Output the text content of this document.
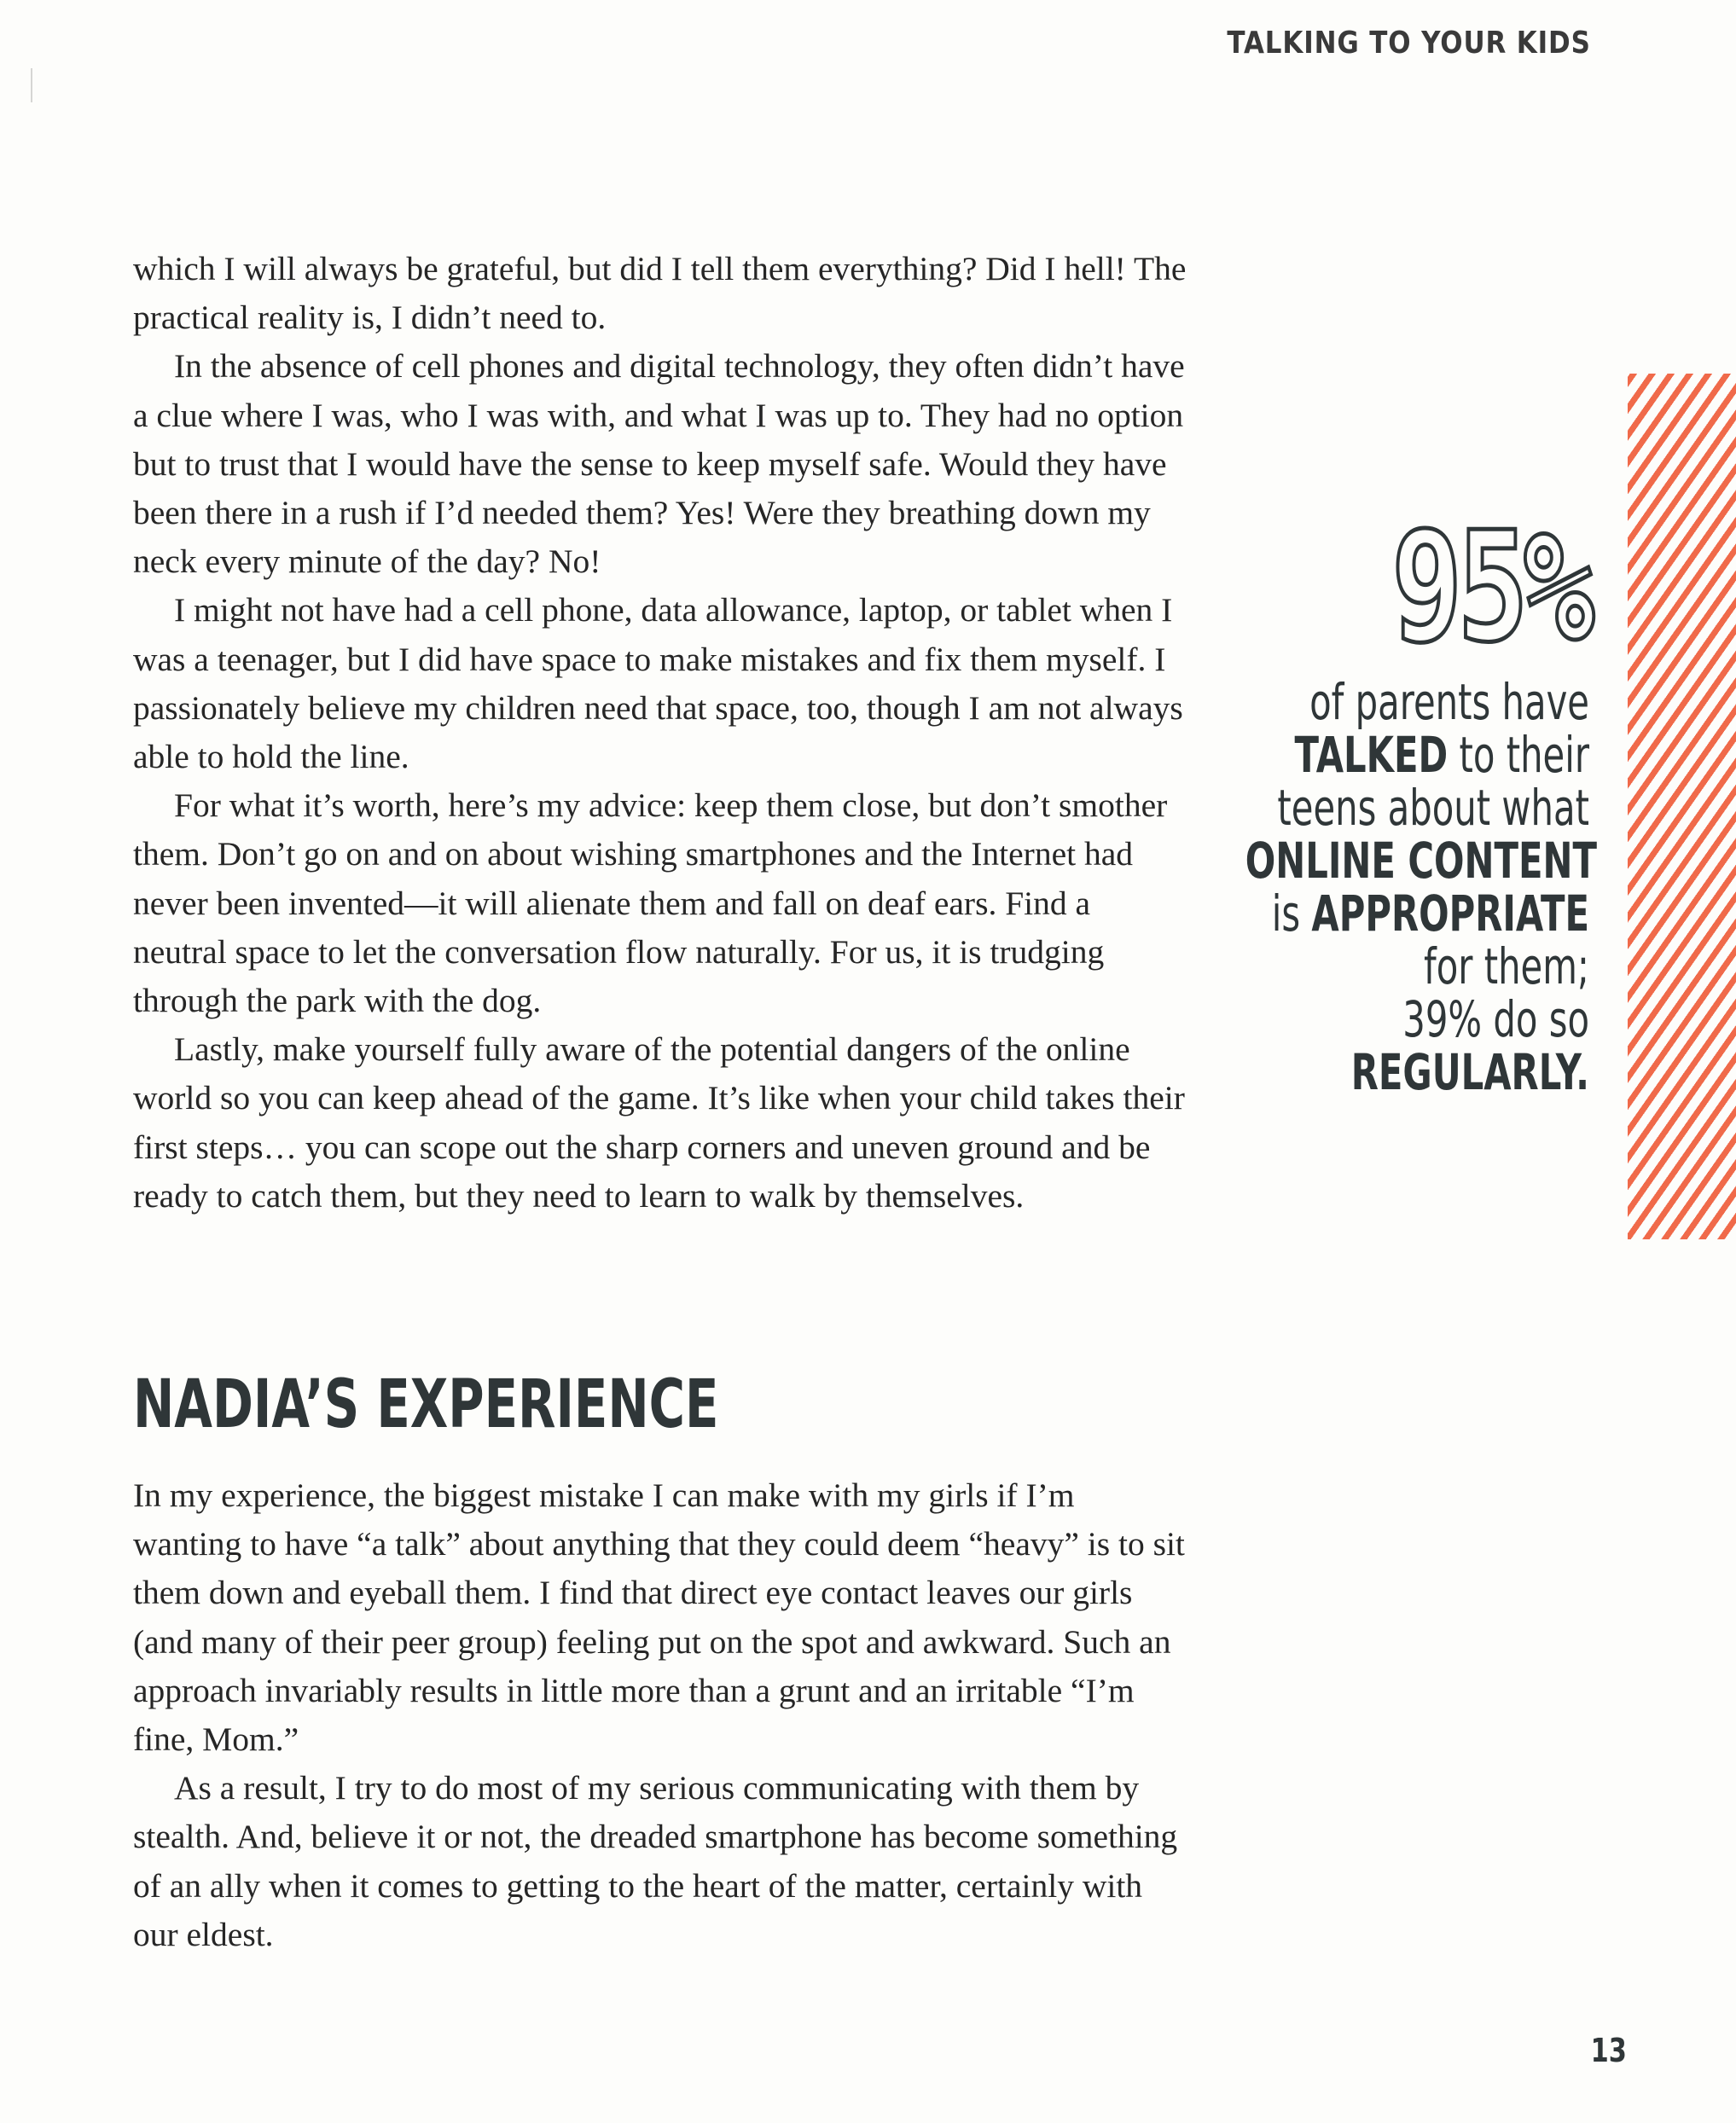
TALKING TO YOUR KIDS

which I will always be grateful, but did I tell them everything? Did I hell! The practical reality is, I didn’t need to.

In the absence of cell phones and digital technology, they often didn’t have a clue where I was, who I was with, and what I was up to. They had no option but to trust that I would have the sense to keep myself safe. Would they have been there in a rush if I’d needed them? Yes! Were they breathing down my neck every minute of the day? No!

I might not have had a cell phone, data allowance, laptop, or tablet when I was a teenager, but I did have space to make mistakes and fix them myself. I passionately believe my children need that space, too, though I am not always able to hold the line.

For what it’s worth, here’s my advice: keep them close, but don’t smother them. Don’t go on and on about wishing smartphones and the Internet had never been invented—it will alienate them and fall on deaf ears. Find a neutral space to let the conversation flow naturally. For us, it is trudging through the park with the dog.

Lastly, make yourself fully aware of the potential dangers of the online world so you can keep ahead of the game. It’s like when your child takes their first steps… you can scope out the sharp corners and uneven ground and be ready to catch them, but they need to learn to walk by themselves.

NADIA’S EXPERIENCE

In my experience, the biggest mistake I can make with my girls if I’m wanting to have “a talk” about anything that they could deem “heavy” is to sit them down and eyeball them. I find that direct eye contact leaves our girls (and many of their peer group) feeling put on the spot and awkward. Such an approach invariably results in little more than a grunt and an irritable “I’m fine, Mom.”

As a result, I try to do most of my serious communicating with them by stealth. And, believe it or not, the dreaded smartphone has become something of an ally when it comes to getting to the heart of the matter, certainly with our eldest.

95%
of parents have
TALKED to their
teens about what
ONLINE CONTENT
is APPROPRIATE
for them;
39% do so
REGULARLY.
13
